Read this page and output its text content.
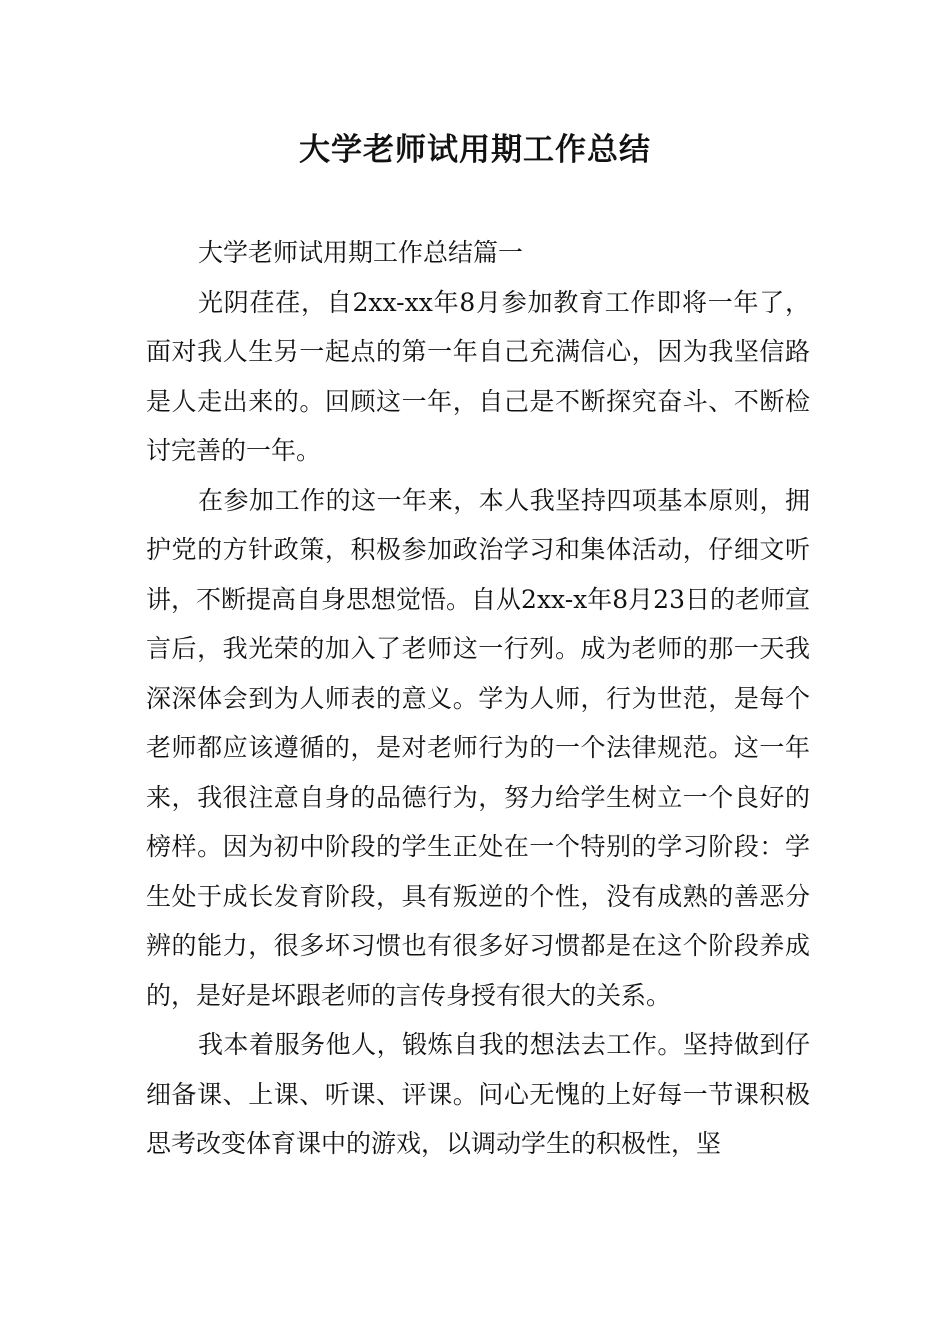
大学老师试用期工作总结

大学老师试用期工作总结篇一

光阴荏荏，自2xx-xx年8月参加教育工作即将一年了，面对我人生另一起点的第一年自己充满信心，因为我坚信路是人走出来的。回顾这一年，自己是不断探究奋斗、不断检讨完善的一年。

在参加工作的这一年来，本人我坚持四项基本原则，拥护党的方针政策，积极参加政治学习和集体活动，仔细文听讲，不断提高自身思想觉悟。自从2xx-x年8月23日的老师宣言后，我光荣的加入了老师这一行列。成为老师的那一天我深深体会到为人师表的意义。学为人师，行为世范，是每个老师都应该遵循的，是对老师行为的一个法律规范。这一年来，我很注意自身的品德行为，努力给学生树立一个良好的榜样。因为初中阶段的学生正处在一个特别的学习阶段：学生处于成长发育阶段，具有叛逆的个性，没有成熟的善恶分辨的能力，很多坏习惯也有很多好习惯都是在这个阶段养成的，是好是坏跟老师的言传身授有很大的关系。

我本着服务他人，锻炼自我的想法去工作。坚持做到仔细备课、上课、听课、评课。问心无愧的上好每一节课积极思考改变体育课中的游戏，以调动学生的积极性，坚
